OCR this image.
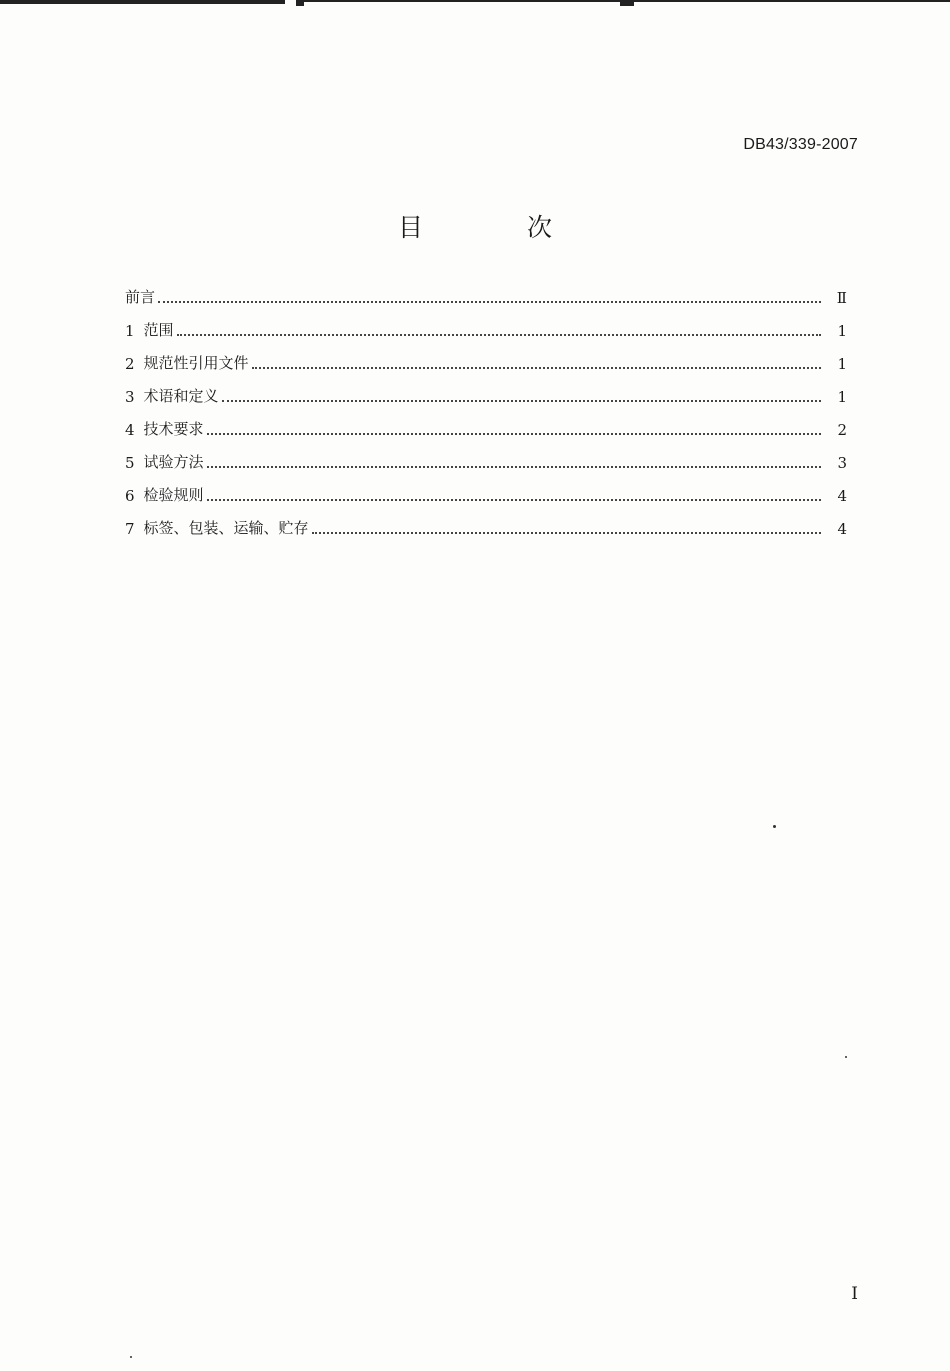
DB43/339-2007
目 次
前言	Ⅱ
1 范围	1
2 规范性引用文件	1
3 术语和定义	1
4 技术要求	2
5 试验方法	3
6 检验规则	4
7 标签、包装、运输、贮存	4
I
